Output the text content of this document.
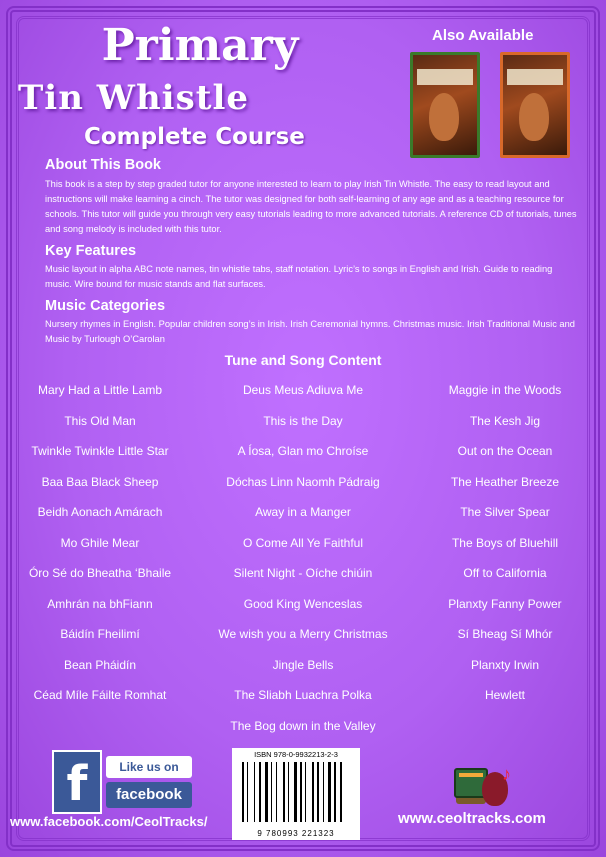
Primary
Tin Whistle
Complete Course
Also Available
About This Book
This book is a step by step graded tutor for anyone interested to learn to play Irish Tin Whistle. The easy to read layout and instructions will make learning a cinch. The tutor was designed for both self-learning of any age and as a teaching resource for schools. This tutor will guide you through very easy tutorials leading to more advanced tutorials. A reference CD of tutorials, tunes and song melody is included with this tutor.
Key Features
Music layout in alpha ABC note names, tin whistle tabs, staff notation. Lyric’s to songs in English and Irish. Guide to reading music. Wire bound for music stands and flat surfaces.
Music Categories
Nursery rhymes in English. Popular children song’s in Irish. Irish Ceremonial hymns. Christmas music. Irish Traditional Music and Music by Turlough O’Carolan
Tune and Song Content
Mary Had a Little Lamb
This Old Man
Twinkle Twinkle Little Star
Baa Baa Black Sheep
Beidh Aonach Amárach
Mo Ghile Mear
Óro Sé do Bheatha ‘Bhaile
Amhrán na bhFiann
Báidín Fheilimí
Bean Pháidín
Céad Míle Fáilte Romhat
Deus Meus Adiuva Me
This is the Day
A Íosa, Glan mo Chroíse
Dóchas Linn Naomh Pádraig
Away in a Manger
O Come All Ye Faithful
Silent Night - Oíche chiúin
Good King Wenceslas
We wish you a Merry Christmas
Jingle Bells
The Sliabh Luachra Polka
The Bog down in the Valley
Maggie in the Woods
The Kesh Jig
Out on the Ocean
The Heather Breeze
The Silver Spear
The Boys of Bluehill
Off to California
Planxty Fanny Power
Sí Bheag Sí Mhór
Planxty Irwin
Hewlett
f	Like us on
facebook
www.facebook.com/CeolTracks/
ISBN 978-0-9932213-2-3
9 780993 221323
♪
www.ceoltracks.com
